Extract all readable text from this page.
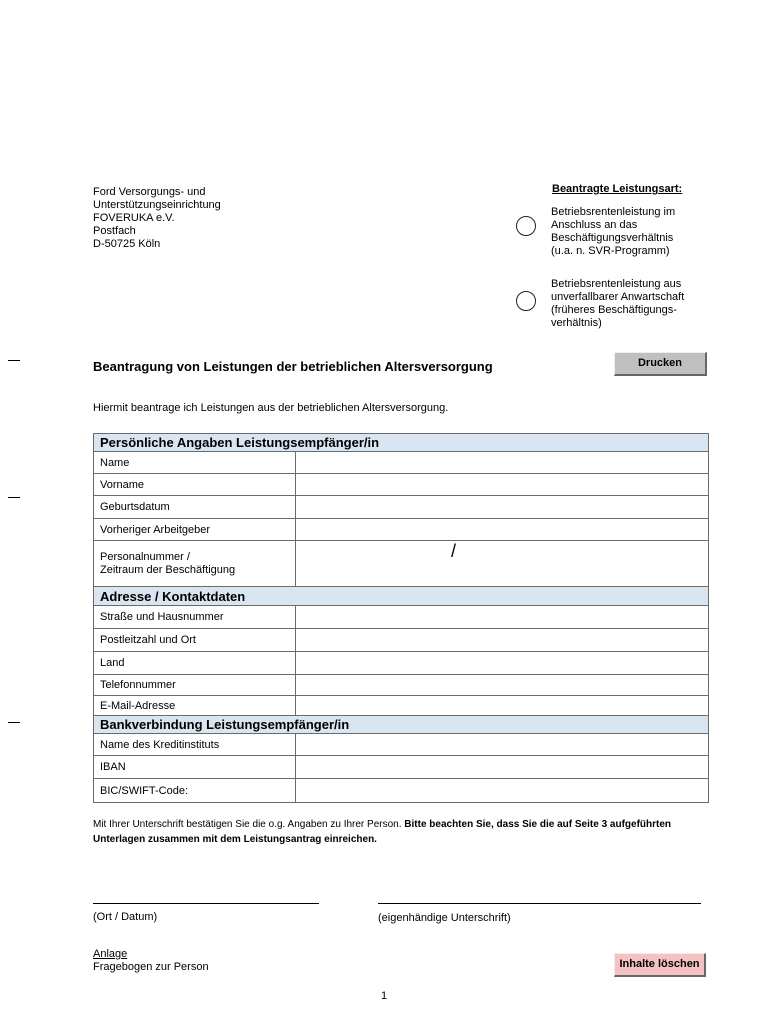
Ford Versorgungs- und
Unterstützungseinrichtung
FOVERUKA e.V.
Postfach
D-50725 Köln
Beantragte Leistungsart:
Betriebsrentenleistung im
Anschluss an das
Beschäftigungsverhältnis
(u.a. n. SVR-Programm)
Betriebsrentenleistung aus
unverfallbarer Anwartschaft
(früheres Beschäftigungs-
verhältnis)
Beantragung von Leistungen der betrieblichen Altersversorgung	Drucken
Hiermit beantrage ich Leistungen aus der betrieblichen Altersversorgung.
Persönliche Angaben Leistungsempfänger/in	
Name	
Vorname	
Geburtsdatum	
Vorheriger Arbeitgeber	

Personalnummer /
Zeitraum der Beschäftigung	/

Adresse / Kontaktdaten	
Straße und Hausnummer	
Postleitzahl und Ort	
Land	
Telefonnummer	
E-Mail-Adresse	
Bankverbindung Leistungsempfänger/in	
Name des Kreditinstituts	
IBAN	
BIC/SWIFT-Code:	
Mit Ihrer Unterschrift bestätigen Sie die o.g. Angaben zu Ihrer Person. Bitte beachten Sie, dass Sie die auf Seite 3 aufgeführten Unterlagen zusammen mit dem Leistungsantrag einreichen.
(Ort / Datum)	(eigenhändige Unterschrift)
Anlage
Fragebogen zur Person	Inhalte löschen
1
